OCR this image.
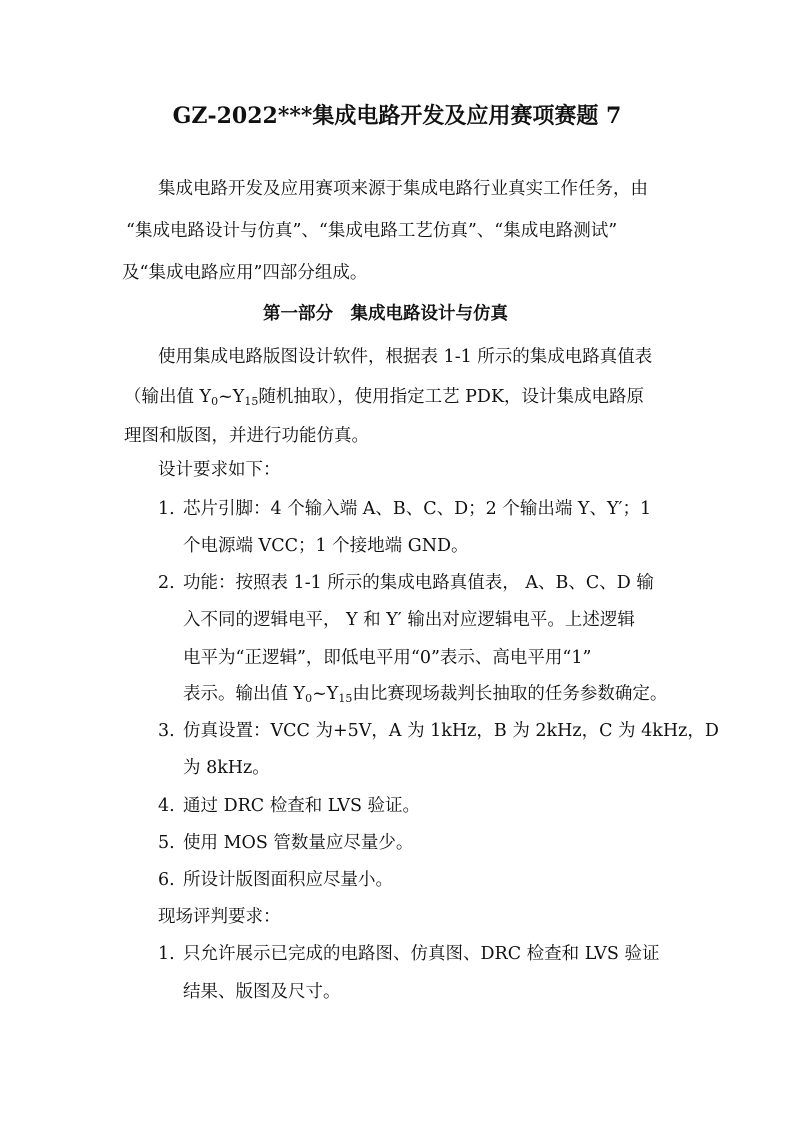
GZ-2022***集成电路开发及应用赛项赛题 7
集成电路开发及应用赛项来源于集成电路行业真实工作任务，由
“集成电路设计与仿真”、“集成电路工艺仿真”、“集成电路测试”
及“集成电路应用”四部分组成。
第一部分　集成电路设计与仿真
使用集成电路版图设计软件，根据表 1-1 所示的集成电路真值表
（输出值 $Y_0\sim Y_{15}$随机抽取），使用指定工艺 PDK，设计集成电路原
理图和版图，并进行功能仿真。
设计要求如下：
1. 芯片引脚：4 个输入端 A、B、C、D；2 个输出端 Y、Y′；1
个电源端 VCC；1 个接地端 GND。
2. 功能：按照表 1-1 所示的集成电路真值表， A、B、C、D 输
入不同的逻辑电平， Y 和 Y′ 输出对应逻辑电平。上述逻辑
电平为“正逻辑”，即低电平用“0”表示、高电平用“1”
表示。输出值 $Y_0\sim Y_{15}$由比赛现场裁判长抽取的任务参数确定。
3. 仿真设置：VCC 为+5V，A 为 1kHz，B 为 2kHz，C 为 4kHz，D
为 8kHz。
4. 通过 DRC 检查和 LVS 验证。
5. 使用 MOS 管数量应尽量少。
6. 所设计版图面积应尽量小。
现场评判要求：
1. 只允许展示已完成的电路图、仿真图、DRC 检查和 LVS 验证
结果、版图及尺寸。
